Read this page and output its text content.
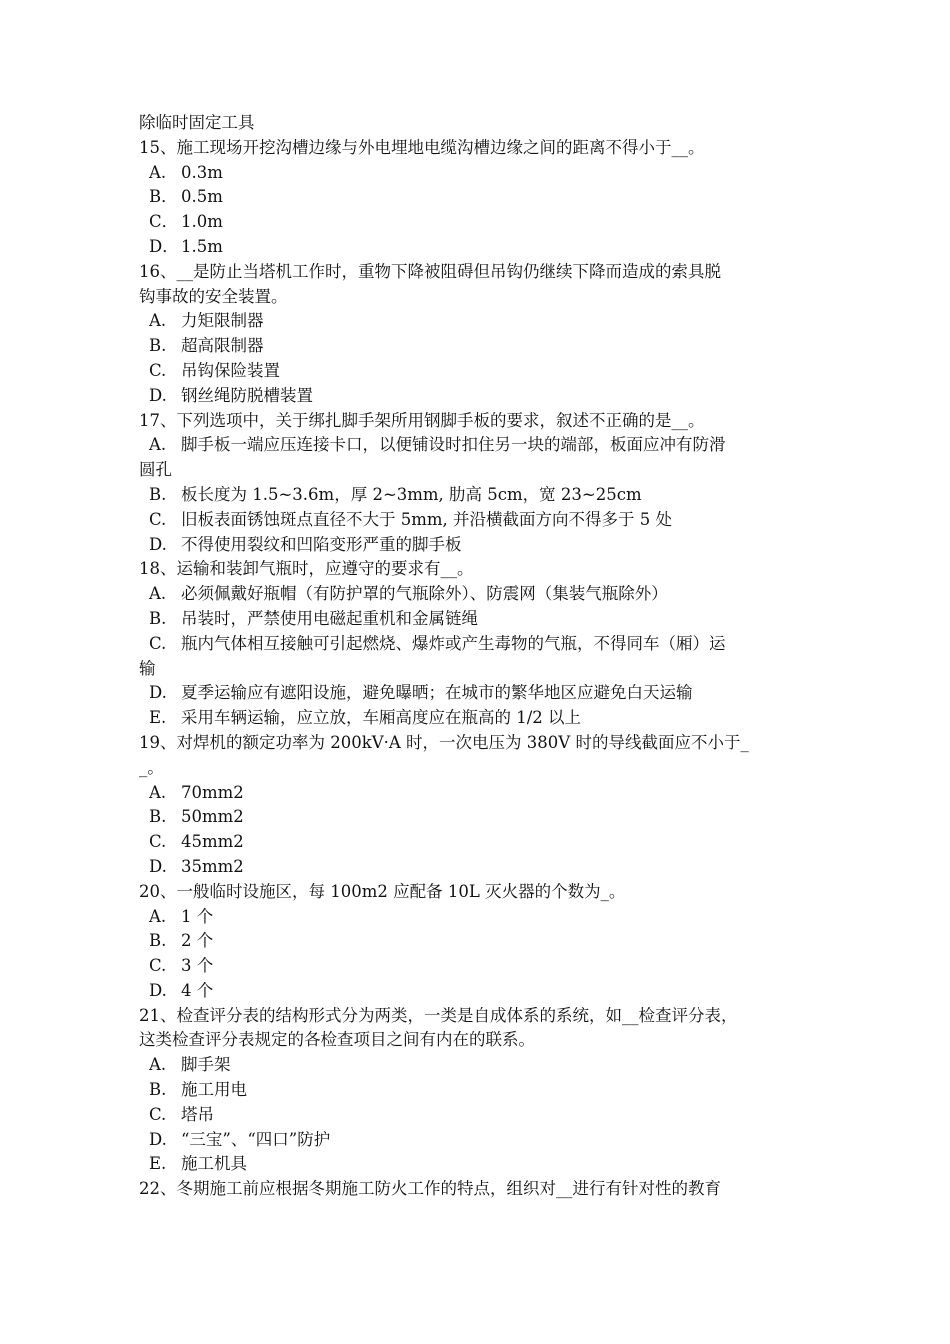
除临时固定工具
15、施工现场开挖沟槽边缘与外电埋地电缆沟槽边缘之间的距离不得小于__。
A. 0.3m
B． 0.5m
C． 1.0m
D． 1.5m
16、__是防止当塔机工作时，重物下降被阻碍但吊钩仍继续下降而造成的索具脱
钩事故的安全装置。
A. 力矩限制器
B. 超高限制器
C. 吊钩保险装置
D. 钢丝绳防脱槽装置
17、下列选项中，关于绑扎脚手架所用钢脚手板的要求，叙述不正确的是__。
A. 脚手板一端应压连接卡口，以便铺设时扣住另一块的端部，板面应冲有防滑
圆孔
B. 板长度为 1.5~3.6m，厚 2~3mm, 肋高 5cm，宽 23~25cm
C. 旧板表面锈蚀斑点直径不大于 5mm, 并沿横截面方向不得多于 5 处
D. 不得使用裂纹和凹陷变形严重的脚手板
18、运输和装卸气瓶时，应遵守的要求有__。
A. 必须佩戴好瓶帽（有防护罩的气瓶除外）、防震网（集装气瓶除外）
B. 吊装时，严禁使用电磁起重机和金属链绳
C. 瓶内气体相互接触可引起燃烧、爆炸或产生毒物的气瓶，不得同车（厢）运
输
D. 夏季运输应有遮阳设施，避免曝晒；在城市的繁华地区应避免白天运输
E. 采用车辆运输，应立放，车厢高度应在瓶高的 1/2 以上
19、对焊机的额定功率为 200kV·A 时，一次电压为 380V 时的导线截面应不小于_
_。
A. 70mm2
B. 50mm2
C. 45mm2
D. 35mm2
20、一般临时设施区，每 100m2 应配备 10L 灭火器的个数为_。
A. 1 个
B. 2 个
C. 3 个
D. 4 个
21、检查评分表的结构形式分为两类，一类是自成体系的系统，如__检查评分表，
这类检查评分表规定的各检查项目之间有内在的联系。
A. 脚手架
B. 施工用电
C. 塔吊
D. “三宝”、“四口”防护
E. 施工机具
22、冬期施工前应根据冬期施工防火工作的特点，组织对__进行有针对性的教育
